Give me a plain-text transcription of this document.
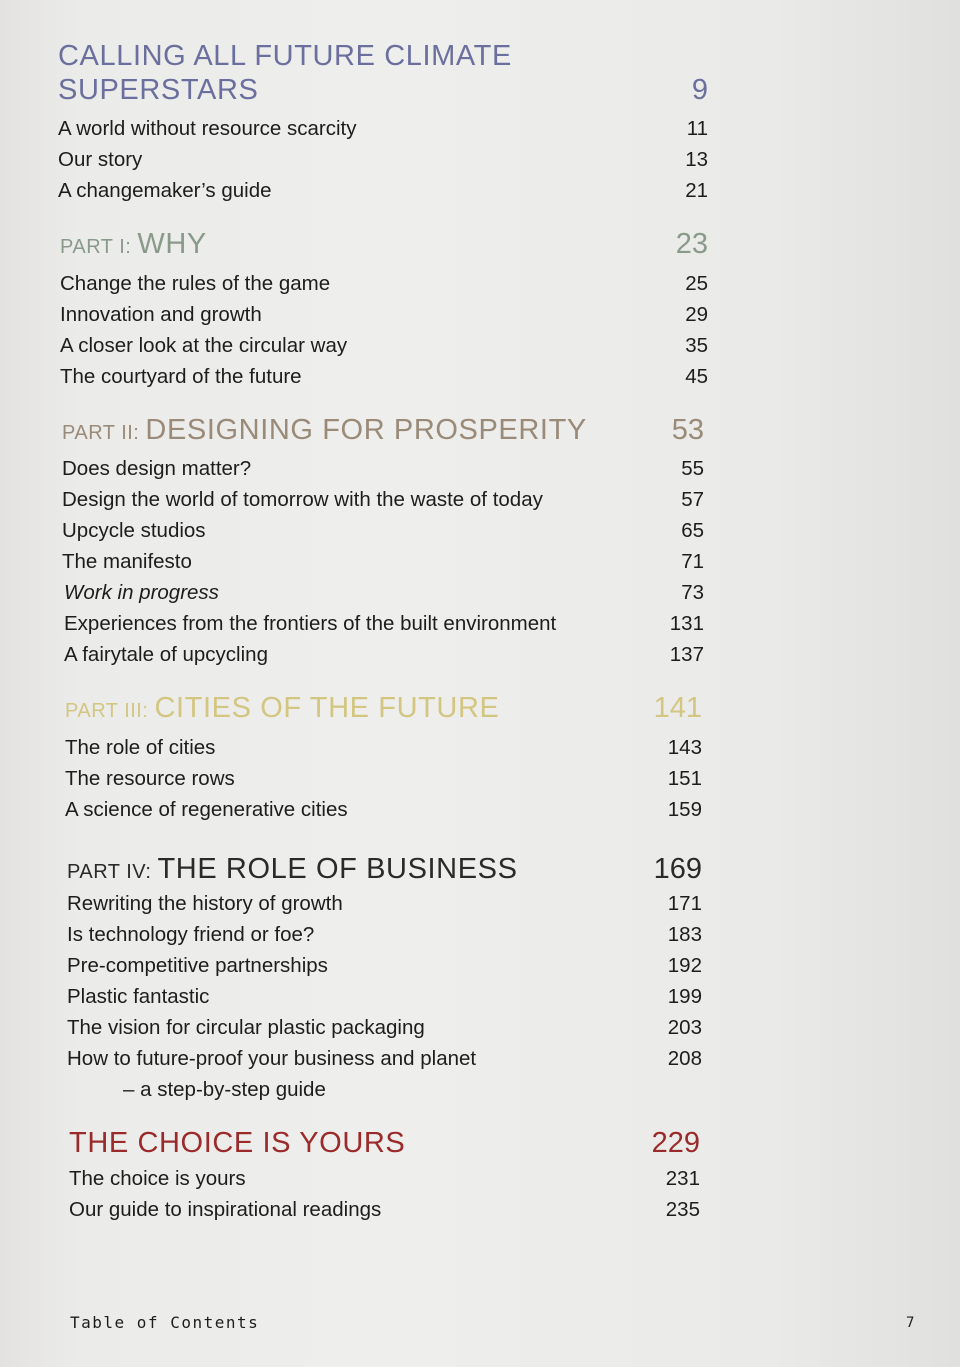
CALLING ALL FUTURE CLIMATE
SUPERSTARS	9
A world without resource scarcity	11
Our story	13
A changemaker’s guide	21
PART I: WHY	23
Change the rules of the game	25
Innovation and growth	29
A closer look at the circular way	35
The courtyard of the future	45
PART II: DESIGNING FOR PROSPERITY	53
Does design matter?	55
Design the world of tomorrow with the waste of today	57
Upcycle studios	65
The manifesto	71
Work in progress	73
Experiences from the frontiers of the built environment	131
A fairytale of upcycling	137
PART III: CITIES OF THE FUTURE	141
The role of cities	143
The resource rows	151
A science of regenerative cities	159
PART IV: THE ROLE OF BUSINESS	169
Rewriting the history of growth	171
Is technology friend or foe?	183
Pre-competitive partnerships	192
Plastic fantastic	199
The vision for circular plastic packaging	203
How to future-proof your business and planet	208
– a step-by-step guide
THE CHOICE IS YOURS	229
The choice is yours	231
Our guide to inspirational readings	235
Table of Contents	7
